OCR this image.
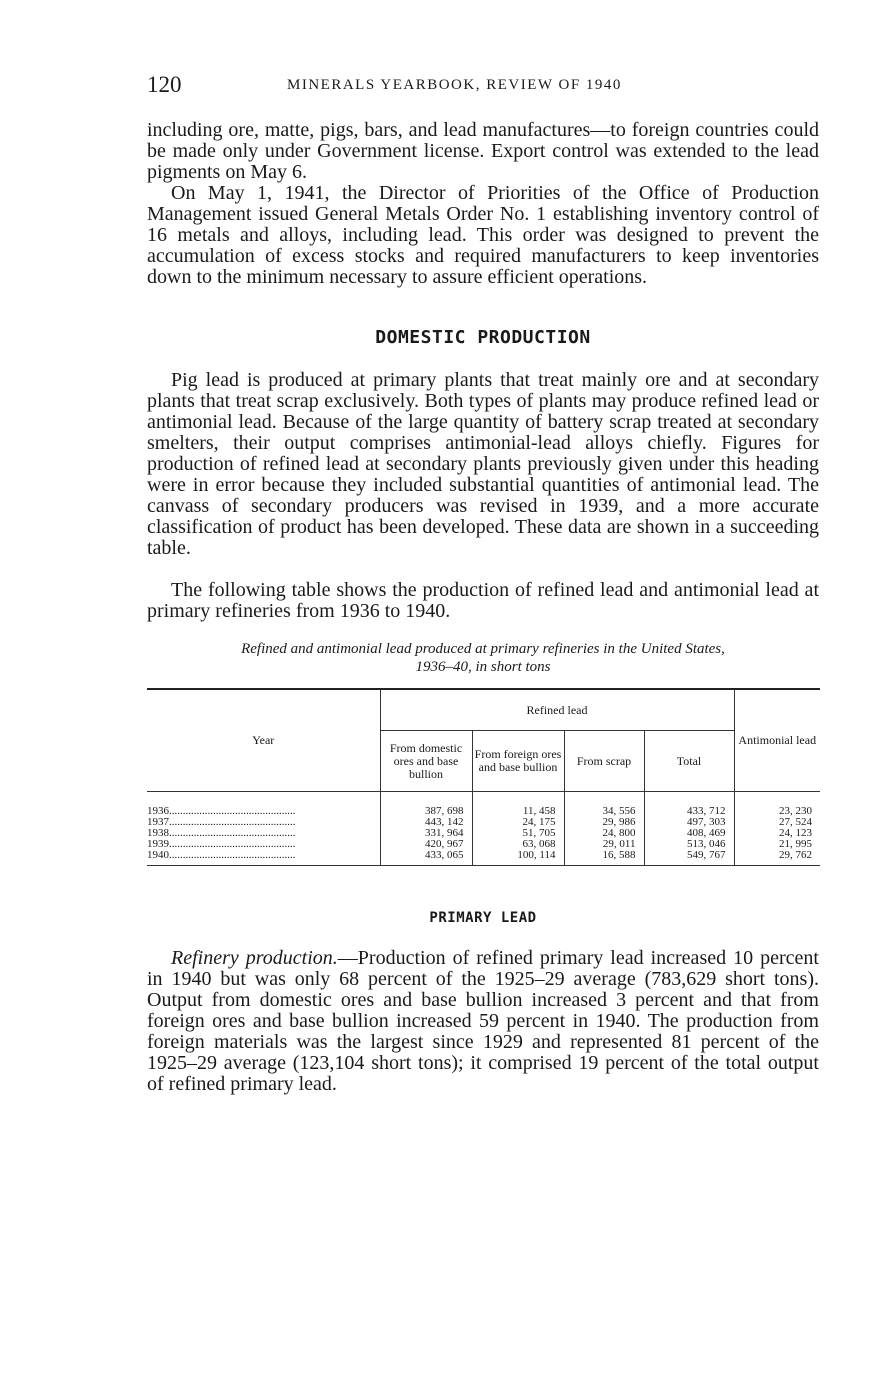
120	MINERALS YEARBOOK, REVIEW OF 1940

including ore, matte, pigs, bars, and lead manufactures—to foreign countries could be made only under Government license. Export control was extended to the lead pigments on May 6.

On May 1, 1941, the Director of Priorities of the Office of Production Management issued General Metals Order No. 1 establishing inventory control of 16 metals and alloys, including lead. This order was designed to prevent the accumulation of excess stocks and required manufacturers to keep inventories down to the minimum necessary to assure efficient operations.

DOMESTIC PRODUCTION

Pig lead is produced at primary plants that treat mainly ore and at secondary plants that treat scrap exclusively. Both types of plants may produce refined lead or antimonial lead. Because of the large quantity of battery scrap treated at secondary smelters, their output comprises antimonial-lead alloys chiefly. Figures for production of refined lead at secondary plants previously given under this heading were in error because they included substantial quantities of antimonial lead. The canvass of secondary producers was revised in 1939, and a more accurate classification of product has been developed. These data are shown in a succeeding table.

The following table shows the production of refined lead and antimonial lead at primary refineries from 1936 to 1940.

Refined and antimonial lead produced at primary refineries in the United States,
1936–40, in short tons
Year	Refined lead				Antimonial lead
	From domestic ores and base bullion	From foreign ores and base bullion	From scrap	Total	
1936..............................................	387, 698	11, 458	34, 556	433, 712	23, 230
1937..............................................	443, 142	24, 175	29, 986	497, 303	27, 524
1938..............................................	331, 964	51, 705	24, 800	408, 469	24, 123
1939..............................................	420, 967	63, 068	29, 011	513, 046	21, 995
1940..............................................	433, 065	100, 114	16, 588	549, 767	29, 762
PRIMARY LEAD

Refinery production.—Production of refined primary lead increased 10 percent in 1940 but was only 68 percent of the 1925–29 average (783,629 short tons). Output from domestic ores and base bullion increased 3 percent and that from foreign ores and base bullion increased 59 percent in 1940. The production from foreign materials was the largest since 1929 and represented 81 percent of the 1925–29 average (123,104 short tons); it comprised 19 percent of the total output of refined primary lead.
